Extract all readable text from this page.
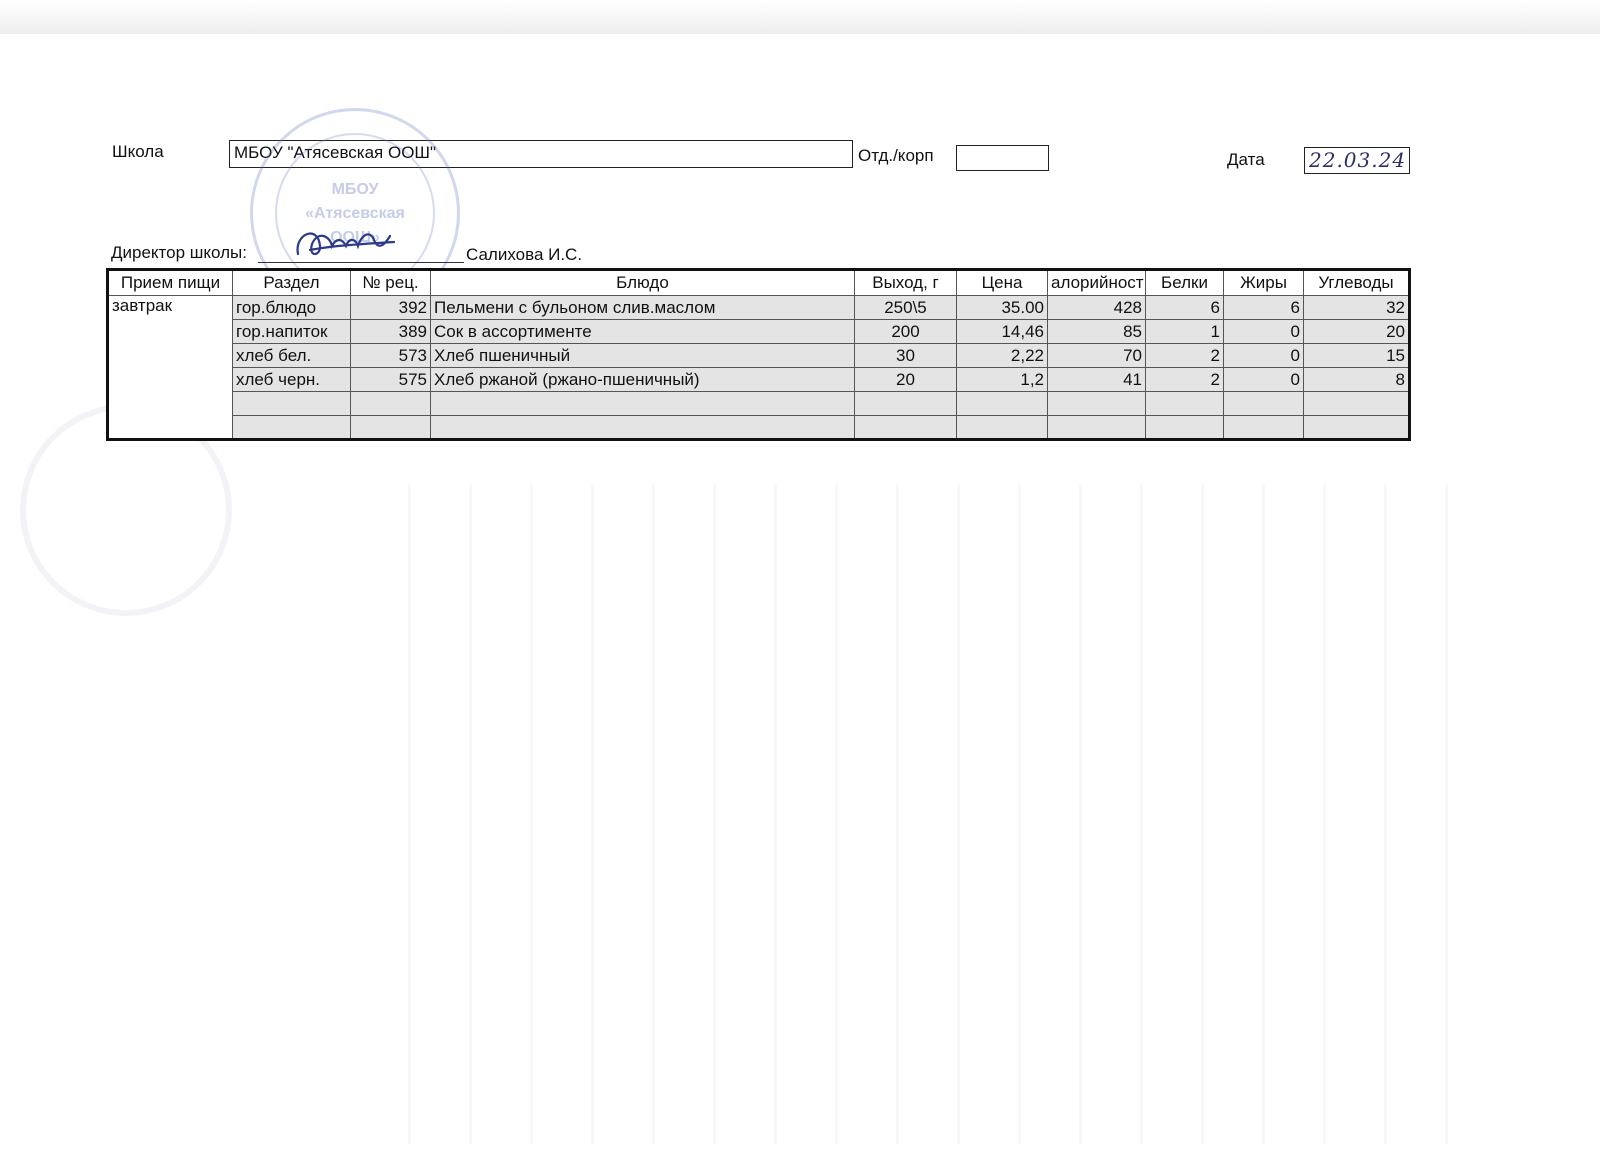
Школа	МБОУ "Атясевская ООШ"	Отд./корп	Дата 22.03.24
МБОУ
«Атясевская
ООШ»
Директор школы:	Салихова И.С.
Прием пищи	Раздел	№ рец.	Блюдо	Выход, г	Цена	алорийност	Белки	Жиры	Углеводы
завтрак	гор.блюдо	392	Пельмени с бульоном слив.маслом	250\5	35.00	428	6	6	32
	гор.напиток	389	Сок в ассортименте	200	14,46	85	1	0	20
	хлеб бел.	573	Хлеб пшеничный	30	2,22	70	2	0	15
	хлеб черн.	575	Хлеб ржаной (ржано-пшеничный)	20	1,2	41	2	0	8
